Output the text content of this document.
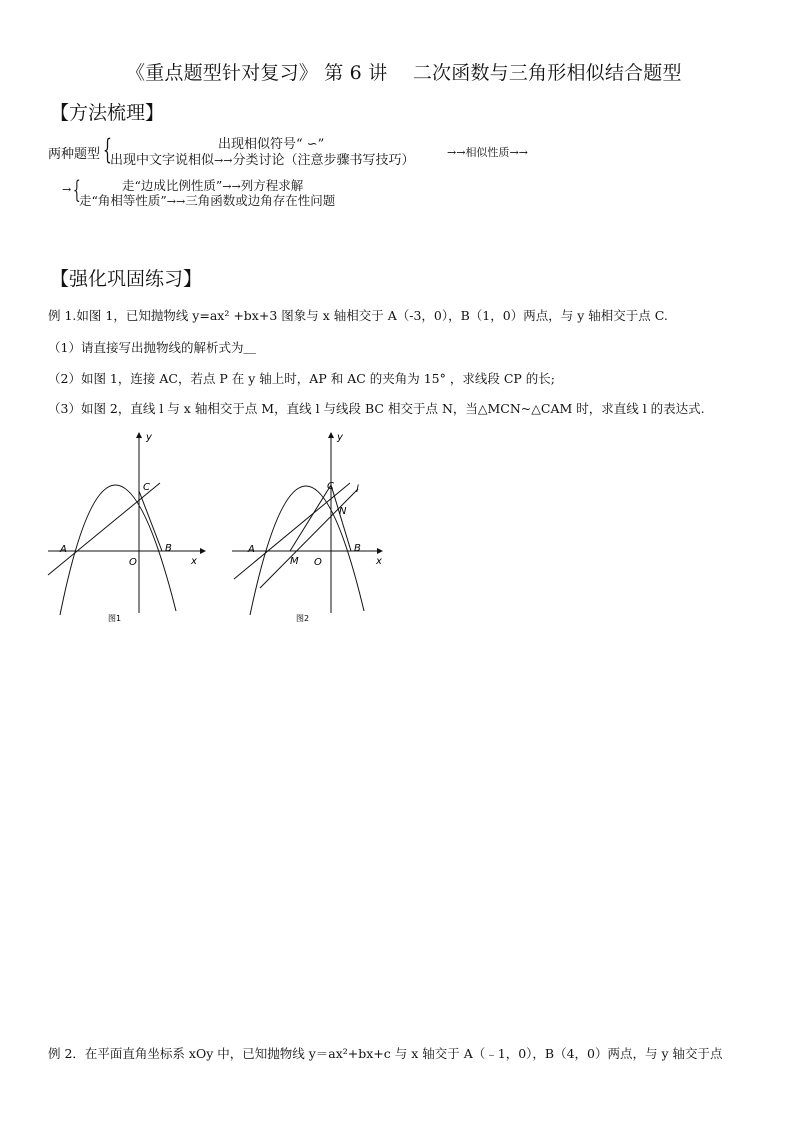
《重点题型针对复习》 第 6 讲　 二次函数与三角形相似结合题型
【方法梳理】
两种题型 {	出现相似符号“ ∽”
出现中文字说相似→→分类讨论（注意步骤书写技巧）
→→相似性质→→
→ {	走“边成比例性质”→→列方程求解
走“角相等性质”→→三角函数或边角存在性问题
【强化巩固练习】
例 1.如图 1，已知抛物线 y=ax² +bx+3 图象与 x 轴相交于 A（-3，0），B（1，0）两点，与 y 轴相交于点 C.
（1）请直接写出抛物线的解析式为＿
（2）如图 1，连接 AC，若点 P 在 y 轴上时，AP 和 AC 的夹角为 15° ，求线段 CP 的长;
（3）如图 2，直线 l 与 x 轴相交于点 M，直线 l 与线段 BC 相交于点 N，当△MCN~△CAM 时，求直线 l 的表达式.
A	B
C
O
y
x
图1
A	B
C
O
M
N
l
y
x
图2
例 2．在平面直角坐标系 xOy 中，已知抛物线 y＝ax²+bx+c 与 x 轴交于 A（﹣1，0），B（4，0）两点，与 y 轴交于点
